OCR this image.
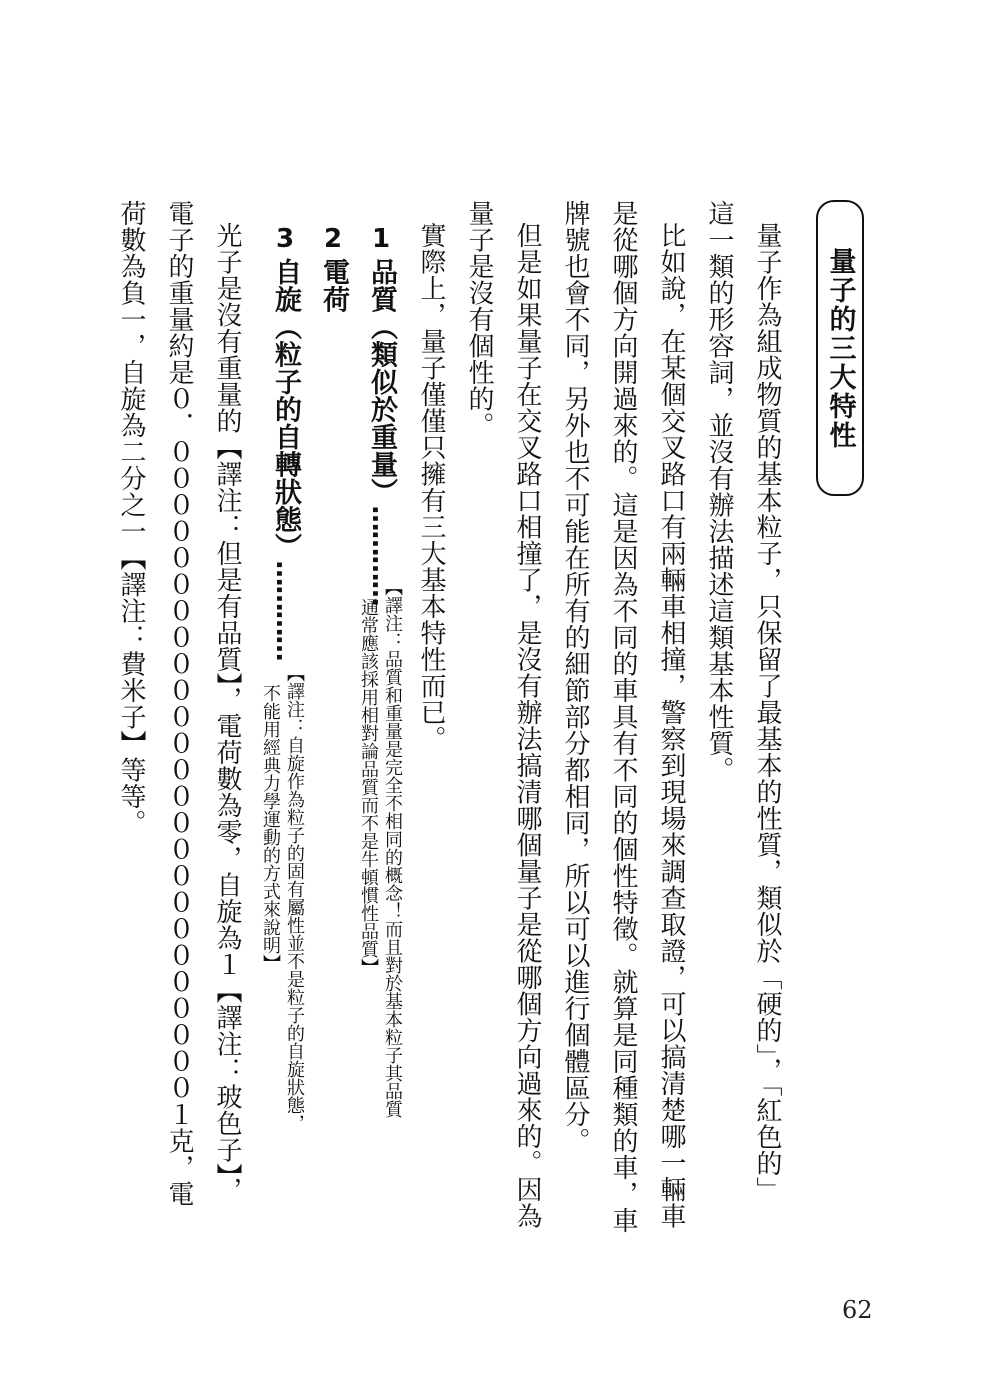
量子的三大特性
量子作為組成物質的基本粒子，只保留了最基本的性質，類似於「硬的」，「紅色的」
這一類的形容詞，並沒有辦法描述這類基本性質。
比如說，在某個交叉路口有兩輛車相撞，警察到現場來調查取證，可以搞清楚哪一輛車
是從哪個方向開過來的。這是因為不同的車具有不同的個性特徵。就算是同種類的車，車
牌號也會不同，另外也不可能在所有的細節部分都相同，所以可以進行個體區分。
但是如果量子在交叉路口相撞了，是沒有辦法搞清哪個量子是從哪個方向過來的。因為
量子是沒有個性的。
實際上，量子僅僅只擁有三大基本特性而已。
1品質（類似於重量）…………
【譯注：品質和重量是完全不相同的概念！而且對於基本粒子其品質
通常應該採用相對論品質而不是牛頓慣性品質】
2電荷
3自旋（粒子的自轉狀態）…………
【譯注：自旋作為粒子的固有屬性並不是粒子的自旋狀態，
不能用經典力學運動的方式來說明】
光子是沒有重量的【譯注：但是有品質】，電荷數為零，自旋為１【譯注：玻色子】，
電子的重量約是０．０００００００００００００００００００００００００１克，電
荷數為負一，自旋為二分之一【譯注：費米子】等等。
62
